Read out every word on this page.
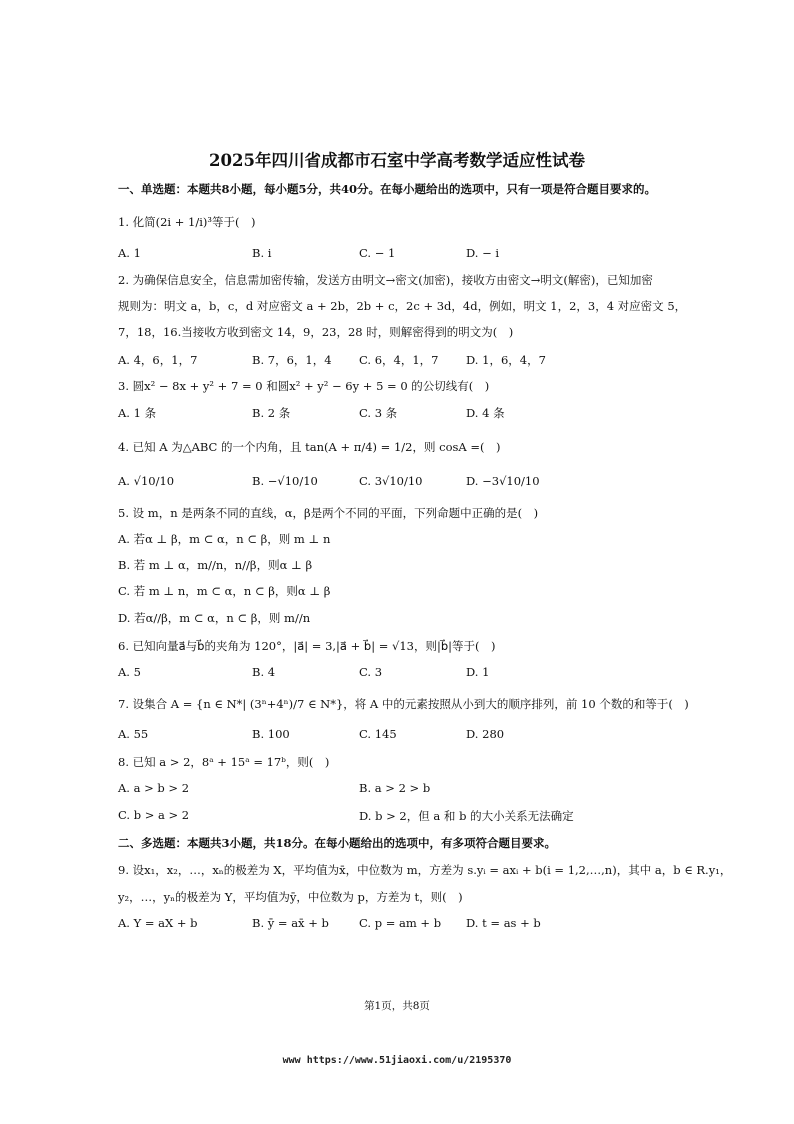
2025年四川省成都市石室中学高考数学适应性试卷
一、单选题：本题共8小题，每小题5分，共40分。在每小题给出的选项中，只有一项是符合题目要求的。
1. 化简(2i + 1/i)³等于(　)
A. 1	B. i	C. − 1	D. − i
2. 为确保信息安全，信息需加密传输，发送方由明文→密文(加密)，接收方由密文→明文(解密)，已知加密
规则为：明文 a，b，c，d 对应密文 a + 2b，2b + c，2c + 3d，4d，例如，明文 1，2，3，4 对应密文 5，
7，18，16.当接收方收到密文 14，9，23，28 时，则解密得到的明文为(　)
A. 4，6，1，7	B. 7，6，1，4 C. 6，4，1，7 D. 1，6，4，7
3. 圆x² − 8x + y² + 7 = 0 和圆x² + y² − 6y + 5 = 0 的公切线有(　)
A. 1 条	B. 2 条	C. 3 条	D. 4 条
4. 已知 A 为△ABC 的一个内角，且 tan(A + π/4) = 1/2，则 cosA =(　)
A. √10/10	B. −√10/10	C. 3√10/10	D. −3√10/10
5. 设 m，n 是两条不同的直线，α，β是两个不同的平面，下列命题中正确的是(　)
A. 若α ⊥ β，m ⊂ α，n ⊂ β，则 m ⊥ n
B. 若 m ⊥ α，m//n，n//β，则α ⊥ β
C. 若 m ⊥ n，m ⊂ α，n ⊂ β，则α ⊥ β
D. 若α//β，m ⊂ α，n ⊂ β，则 m//n
6. 已知向量a⃗与b⃗的夹角为 120°，|a⃗| = 3,|a⃗ + b⃗| = √13，则|b⃗|等于(　)
A. 5	B. 4	C. 3	D. 1
7. 设集合 A = {n ∈ N*| (3ⁿ+4ⁿ)/7 ∈ N*}，将 A 中的元素按照从小到大的顺序排列，前 10 个数的和等于(　)
A. 55	B. 100	C. 145	D. 280
8. 已知 a > 2，8ᵃ + 15ᵃ = 17ᵇ，则(　)
A. a > b > 2	B. a > 2 > b
C. b > a > 2	D. b > 2，但 a 和 b 的大小关系无法确定
二、多选题：本题共3小题，共18分。在每小题给出的选项中，有多项符合题目要求。
9. 设x₁，x₂，…，xₙ的极差为 X，平均值为x̄，中位数为 m，方差为 s.yᵢ = axᵢ + b(i = 1,2,…,n)，其中 a，b ∈ R.y₁，
y₂，…，yₙ的极差为 Y，平均值为ȳ，中位数为 p，方差为 t，则(　)
A. Y = aX + b	B. ȳ = ax̄ + b	C. p = am + b D. t = as + b
第1页，共8页
www https://www.51jiaoxi.com/u/2195370
